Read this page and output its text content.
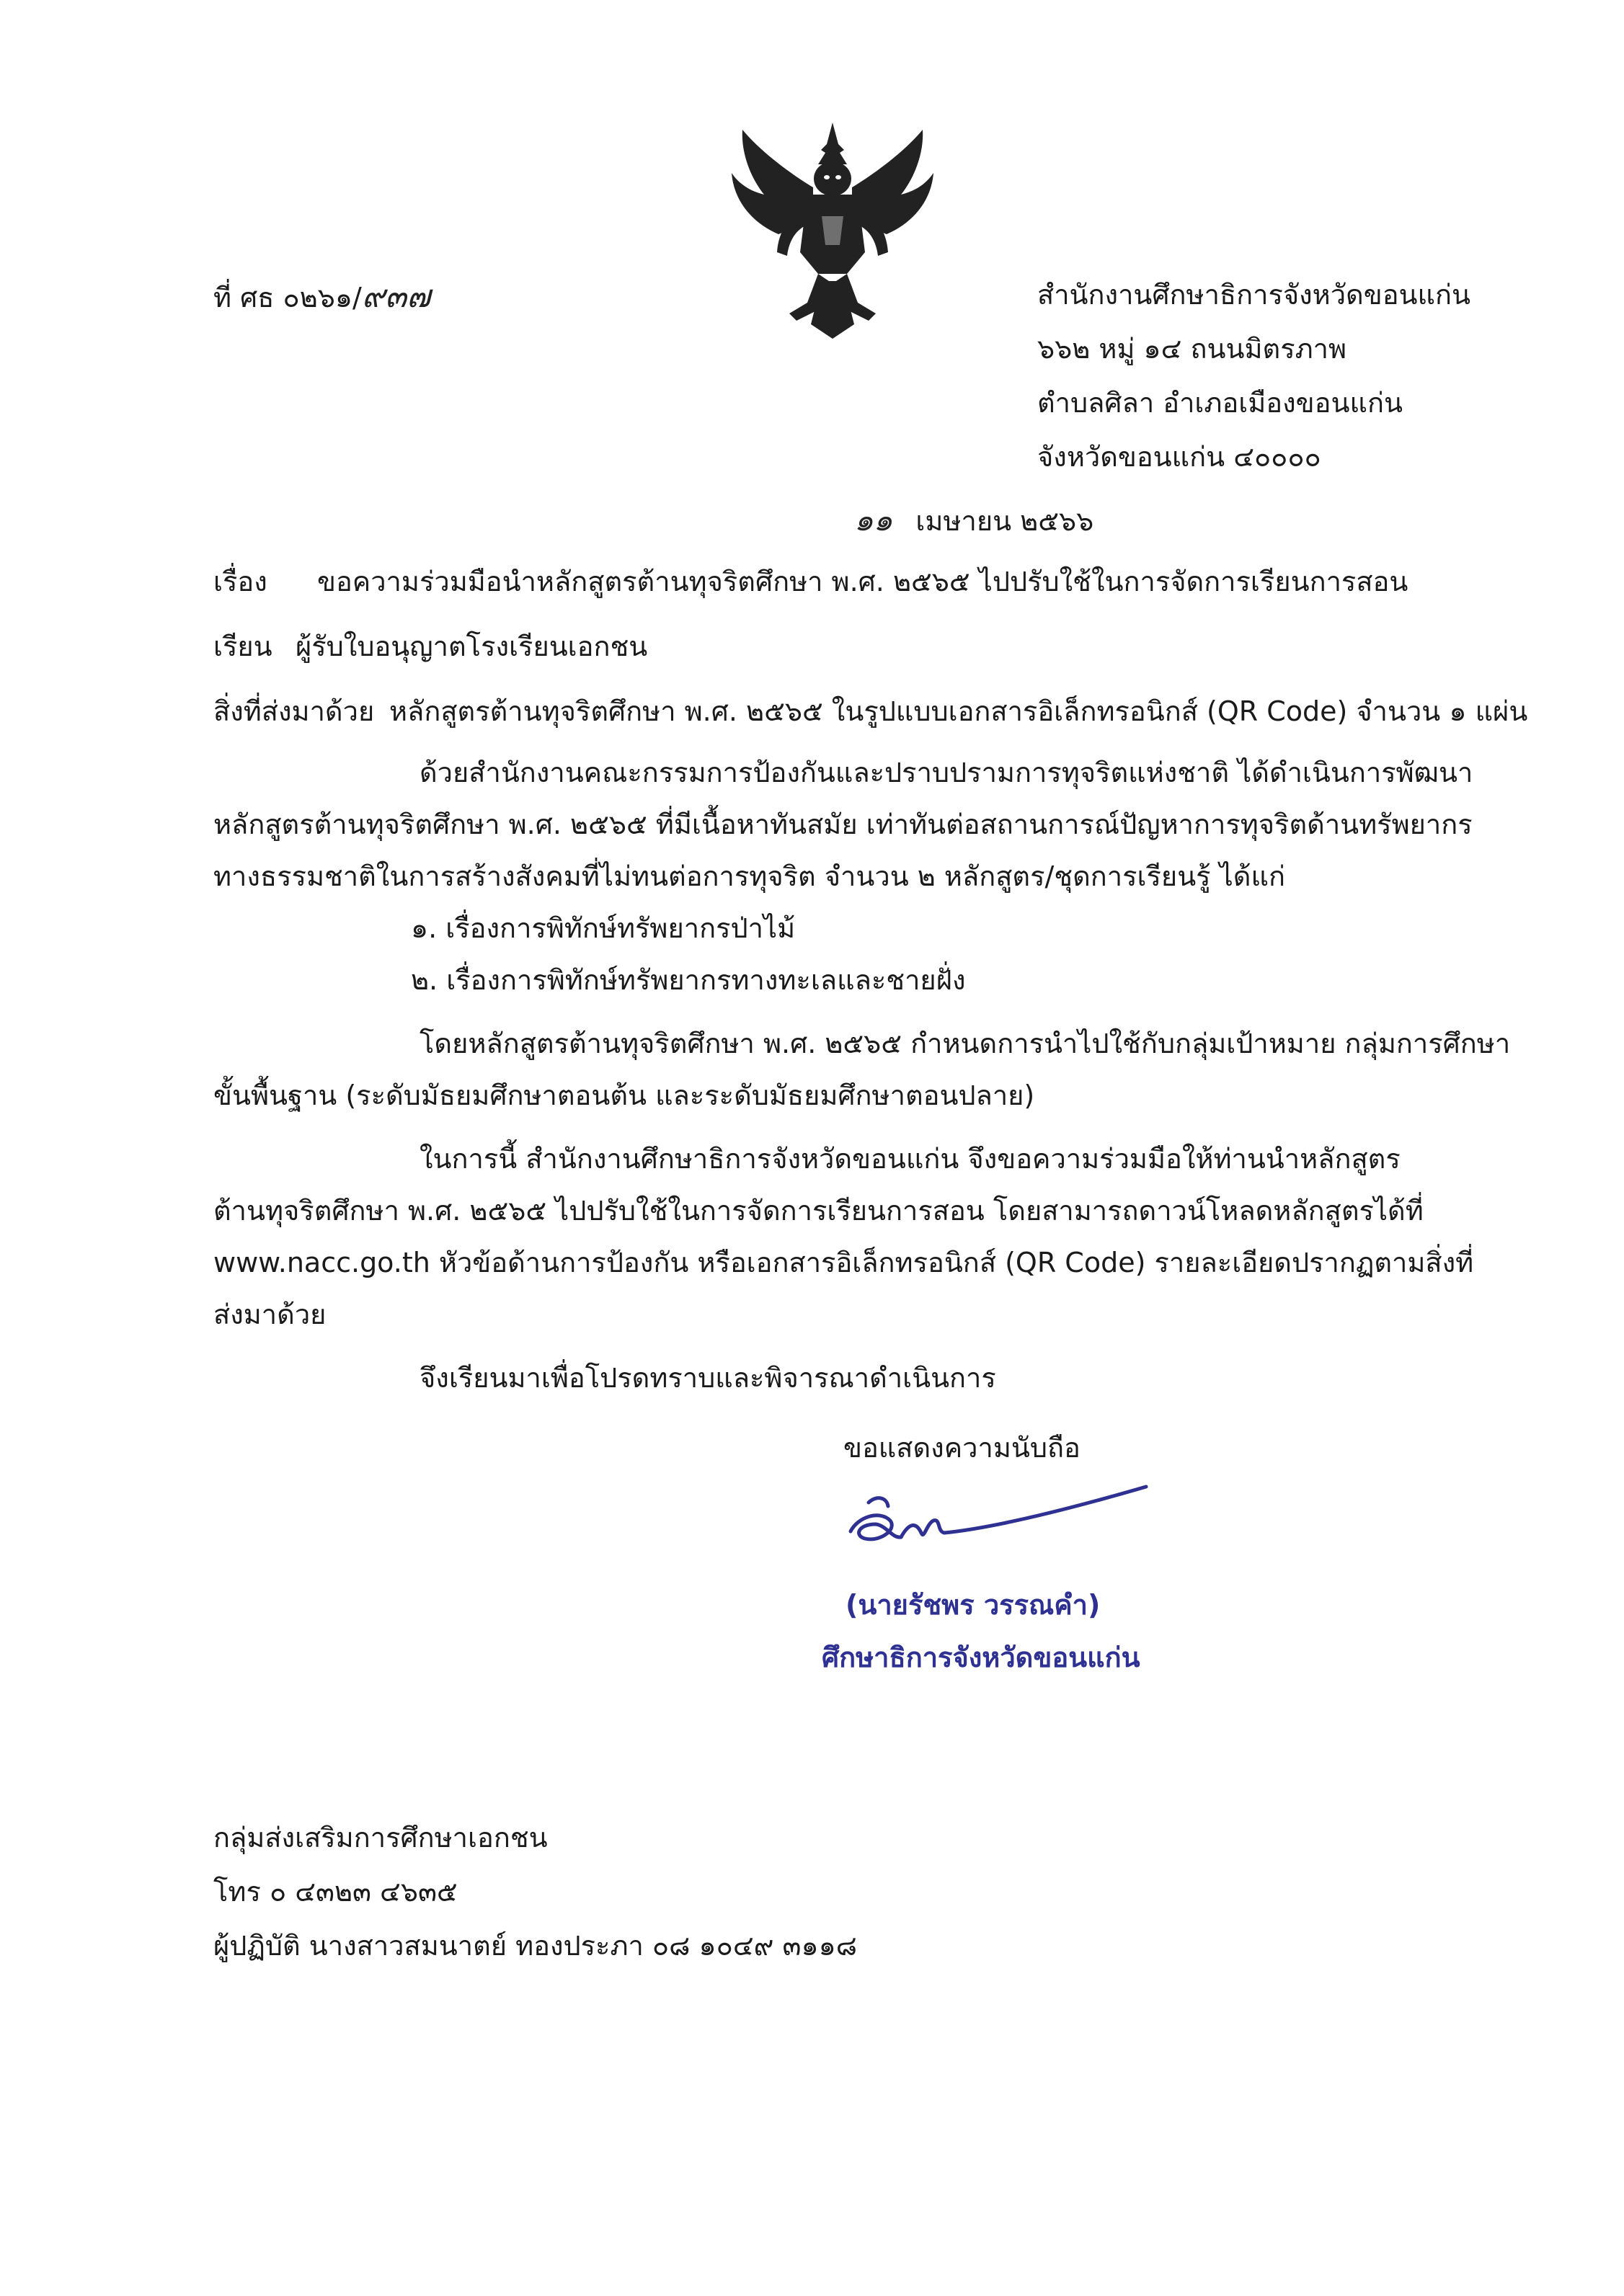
ที่ ศธ ๐๒๖๑/๙๓๗	สำนักงานศึกษาธิการจังหวัดขอนแก่น
๖๖๒ หมู่ ๑๔ ถนนมิตรภาพ
ตำบลศิลา อำเภอเมืองขอนแก่น
จังหวัดขอนแก่น ๔๐๐๐๐
๑๑ เมษายน ๒๕๖๖
เรื่อง ขอความร่วมมือนำหลักสูตรต้านทุจริตศึกษา พ.ศ. ๒๕๖๕ ไปปรับใช้ในการจัดการเรียนการสอน
เรียน ผู้รับใบอนุญาตโรงเรียนเอกชน
สิ่งที่ส่งมาด้วย หลักสูตรต้านทุจริตศึกษา พ.ศ. ๒๕๖๕ ในรูปแบบเอกสารอิเล็กทรอนิกส์ (QR Code) จำนวน ๑ แผ่น
ด้วยสำนักงานคณะกรรมการป้องกันและปราบปรามการทุจริตแห่งชาติ ได้ดำเนินการพัฒนา
หลักสูตรต้านทุจริตศึกษา พ.ศ. ๒๕๖๕ ที่มีเนื้อหาทันสมัย เท่าทันต่อสถานการณ์ปัญหาการทุจริตด้านทรัพยากร
ทางธรรมชาติในการสร้างสังคมที่ไม่ทนต่อการทุจริต จำนวน ๒ หลักสูตร/ชุดการเรียนรู้ ได้แก่
๑. เรื่องการพิทักษ์ทรัพยากรป่าไม้
๒. เรื่องการพิทักษ์ทรัพยากรทางทะเลและชายฝั่ง
โดยหลักสูตรต้านทุจริตศึกษา พ.ศ. ๒๕๖๕ กำหนดการนำไปใช้กับกลุ่มเป้าหมาย กลุ่มการศึกษา
ขั้นพื้นฐาน (ระดับมัธยมศึกษาตอนต้น และระดับมัธยมศึกษาตอนปลาย)
ในการนี้ สำนักงานศึกษาธิการจังหวัดขอนแก่น จึงขอความร่วมมือให้ท่านนำหลักสูตร
ต้านทุจริตศึกษา พ.ศ. ๒๕๖๕ ไปปรับใช้ในการจัดการเรียนการสอน โดยสามารถดาวน์โหลดหลักสูตรได้ที่
www.nacc.go.th หัวข้อด้านการป้องกัน หรือเอกสารอิเล็กทรอนิกส์ (QR Code) รายละเอียดปรากฏตามสิ่งที่
ส่งมาด้วย
จึงเรียนมาเพื่อโปรดทราบและพิจารณาดำเนินการ
ขอแสดงความนับถือ
(นายรัชพร วรรณคำ)
ศึกษาธิการจังหวัดขอนแก่น
กลุ่มส่งเสริมการศึกษาเอกชน
โทร ๐ ๔๓๒๓ ๔๖๓๕
ผู้ปฏิบัติ นางสาวสมนาตย์ ทองประภา ๐๘ ๑๐๔๙ ๓๑๑๘
